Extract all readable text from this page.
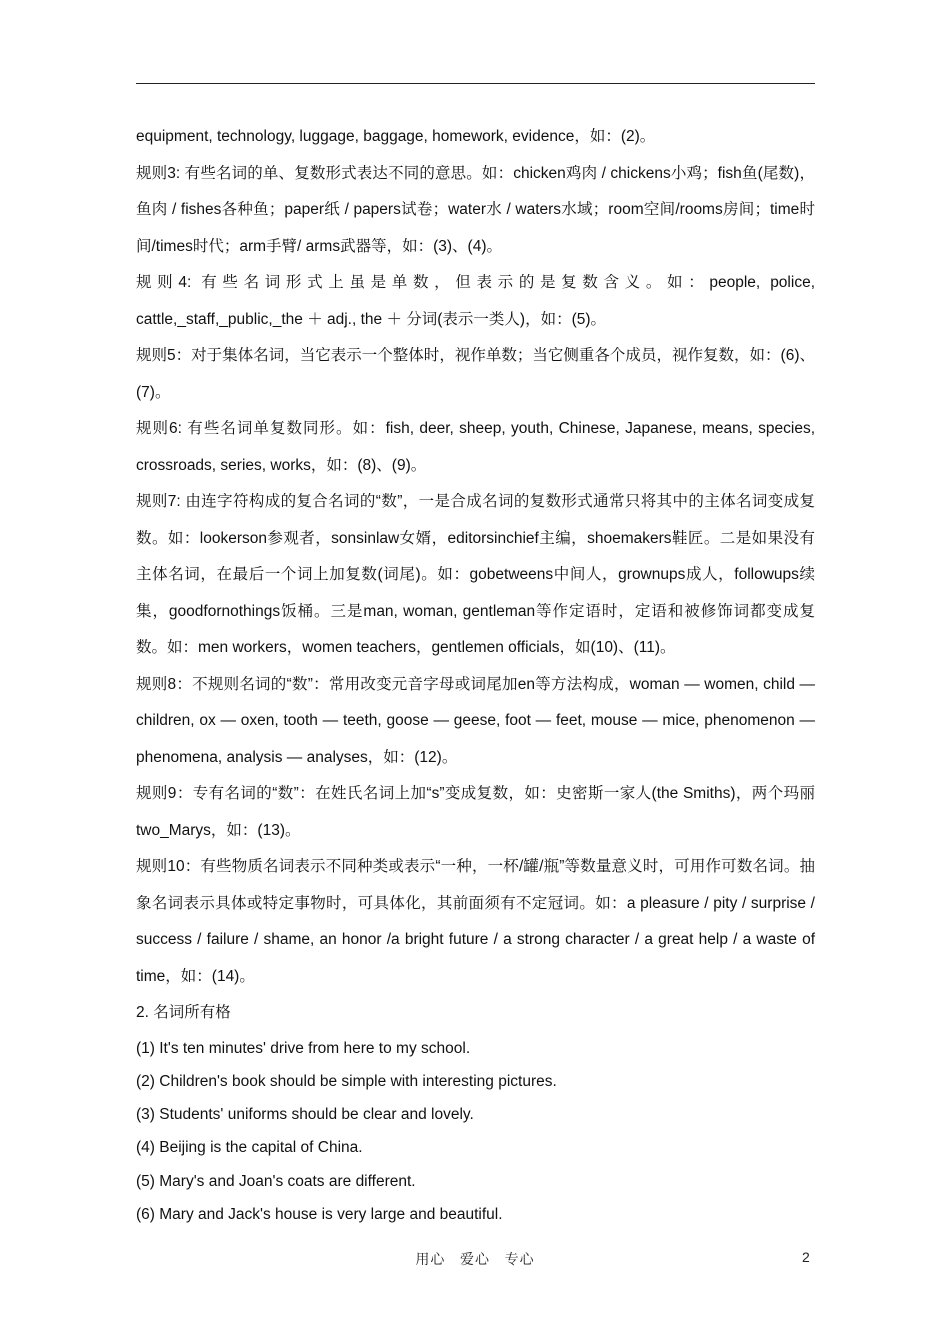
equipment, technology, luggage, baggage, homework, evidence，如：(2)。

规则3: 有些名词的单、复数形式表达不同的意思。如：chicken鸡肉 / chickens小鸡；fish鱼(尾数)，鱼肉 / fishes各种鱼；paper纸 / papers试卷；water水 / waters水域；room空间/rooms房间；time时间/times时代；arm手臂/ arms武器等，如：(3)、(4)。

规则4: 有些名词形式上虽是单数，但表示的是复数含义。如：people, police, cattle,_staff,_public,_the ＋ adj., the ＋ 分词(表示一类人)，如：(5)。

规则5：对于集体名词，当它表示一个整体时，视作单数；当它侧重各个成员，视作复数，如：(6)、(7)。

规则6: 有些名词单复数同形。如：fish, deer, sheep, youth, Chinese, Japanese, means, species, crossroads, series, works，如：(8)、(9)。

规则7: 由连字符构成的复合名词的“数”，一是合成名词的复数形式通常只将其中的主体名词变成复数。如：lookerson参观者，sonsinlaw女婿，editorsinchief主编，shoemakers鞋匠。二是如果没有主体名词，在最后一个词上加复数(词尾)。如：gobetweens中间人，grownups成人，followups续集，goodfornothings饭桶。三是man, woman, gentleman等作定语时，定语和被修饰词都变成复数。如：men workers，women teachers，gentlemen officials，如(10)、(11)。

规则8：不规则名词的“数”：常用改变元音字母或词尾加en等方法构成，woman — women, child — children, ox — oxen, tooth — teeth, goose — geese, foot — feet, mouse — mice, phenomenon — phenomena, analysis — analyses，如：(12)。

规则9：专有名词的“数”：在姓氏名词上加“s”变成复数，如：史密斯一家人(the Smiths)，两个玛丽two_Marys，如：(13)。

规则10：有些物质名词表示不同种类或表示“一种，一杯/罐/瓶”等数量意义时，可用作可数名词。抽象名词表示具体或特定事物时，可具体化，其前面须有不定冠词。如：a pleasure / pity / surprise / success / failure / shame, an honor /a bright future / a strong character / a great help / a waste of time，如：(14)。

2. 名词所有格

(1) It's ten minutes' drive from here to my school.

(2) Children's book should be simple with interesting pictures.

(3) Students' uniforms should be clear and lovely.

(4) Beijing is the capital of China.

(5) Mary's and Joan's coats are different.

(6) Mary and Jack's house is very large and beautiful.

用心   爱心   专心	2
